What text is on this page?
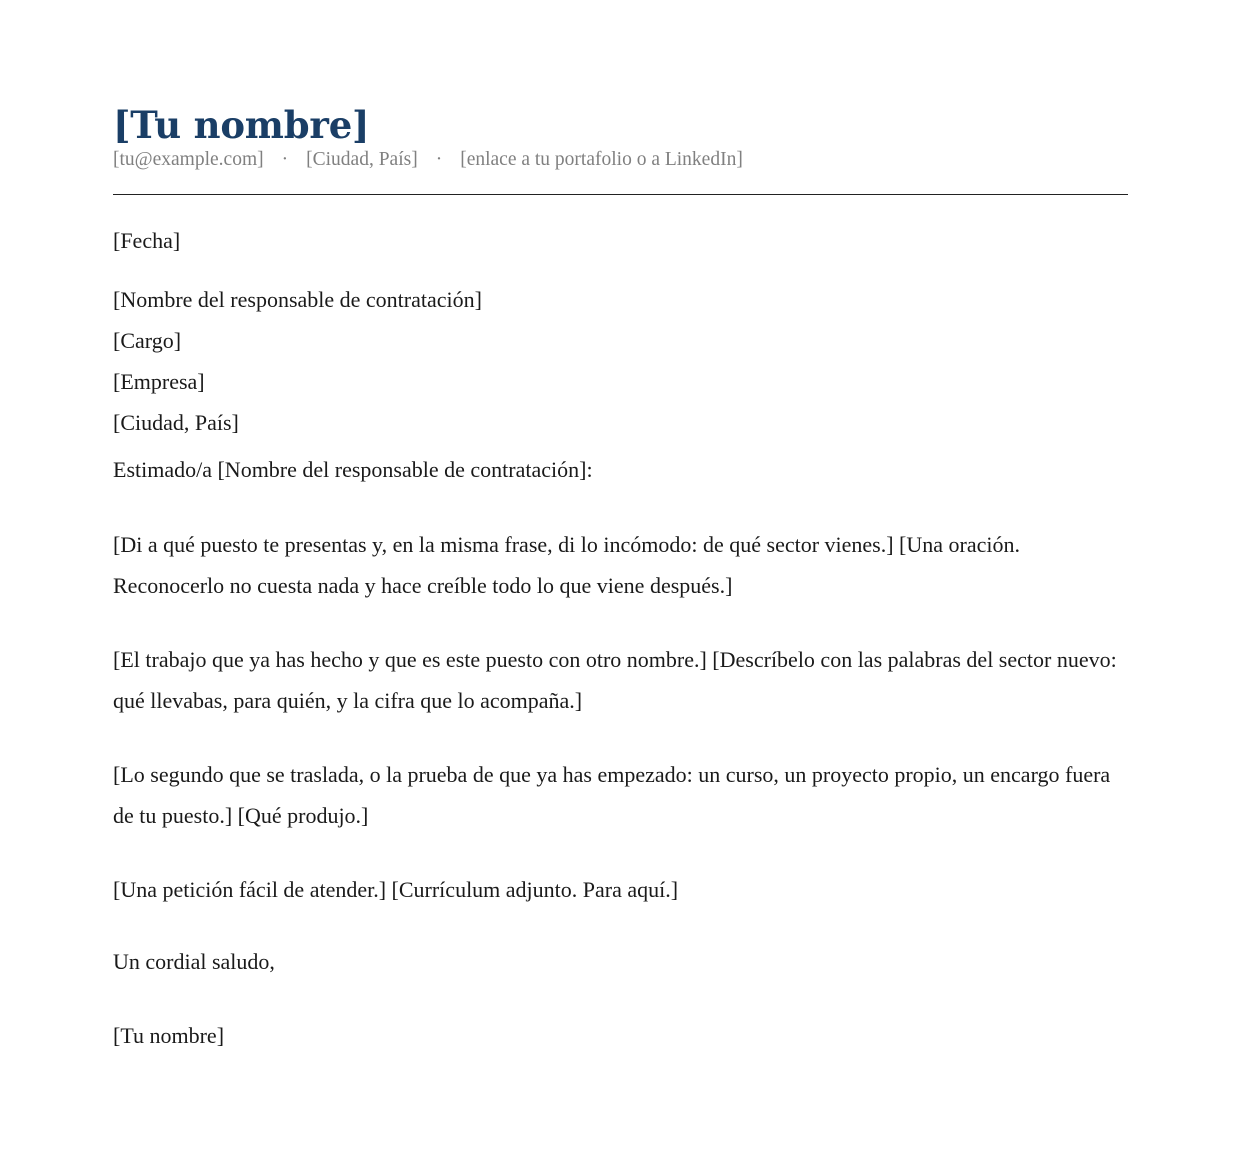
[Tu nombre]
[tu@example.com] · [Ciudad, País] · [enlace a tu portafolio o a LinkedIn]
[Fecha]
[Nombre del responsable de contratación]
[Cargo]
[Empresa]
[Ciudad, País]
Estimado/a [Nombre del responsable de contratación]:

[Di a qué puesto te presentas y, en la misma frase, di lo incómodo: de qué sector vienes.] [Una oración. Reconocerlo no cuesta nada y hace creíble todo lo que viene después.]

[El trabajo que ya has hecho y que es este puesto con otro nombre.] [Descríbelo con las palabras del sector nuevo: qué llevabas, para quién, y la cifra que lo acompaña.]

[Lo segundo que se traslada, o la prueba de que ya has empezado: un curso, un proyecto propio, un encargo fuera de tu puesto.] [Qué produjo.]

[Una petición fácil de atender.] [Currículum adjunto. Para aquí.]

Un cordial saludo,
[Tu nombre]
